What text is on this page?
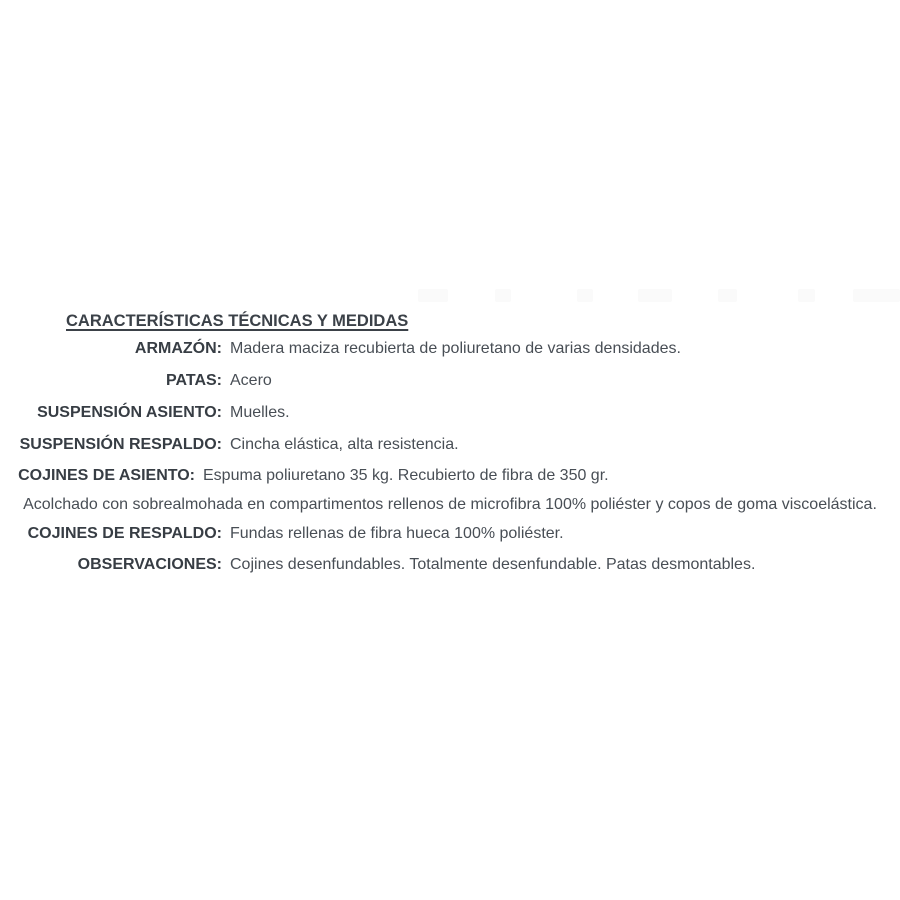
CARACTERÍSTICAS TÉCNICAS Y MEDIDAS
ARMAZÓN: Madera maciza recubierta de poliuretano de varias densidades.
PATAS: Acero
SUSPENSIÓN ASIENTO: Muelles.
SUSPENSIÓN RESPALDO: Cincha elástica, alta resistencia.
COJINES DE ASIENTO: Espuma poliuretano 35 kg. Recubierto de fibra de 350 gr.
Acolchado con sobrealmohada en compartimentos rellenos de microfibra 100% poliéster y copos de goma viscoelástica.
COJINES DE RESPALDO: Fundas rellenas de fibra hueca 100% poliéster.
OBSERVACIONES: Cojines desenfundables. Totalmente desenfundable. Patas desmontables.
